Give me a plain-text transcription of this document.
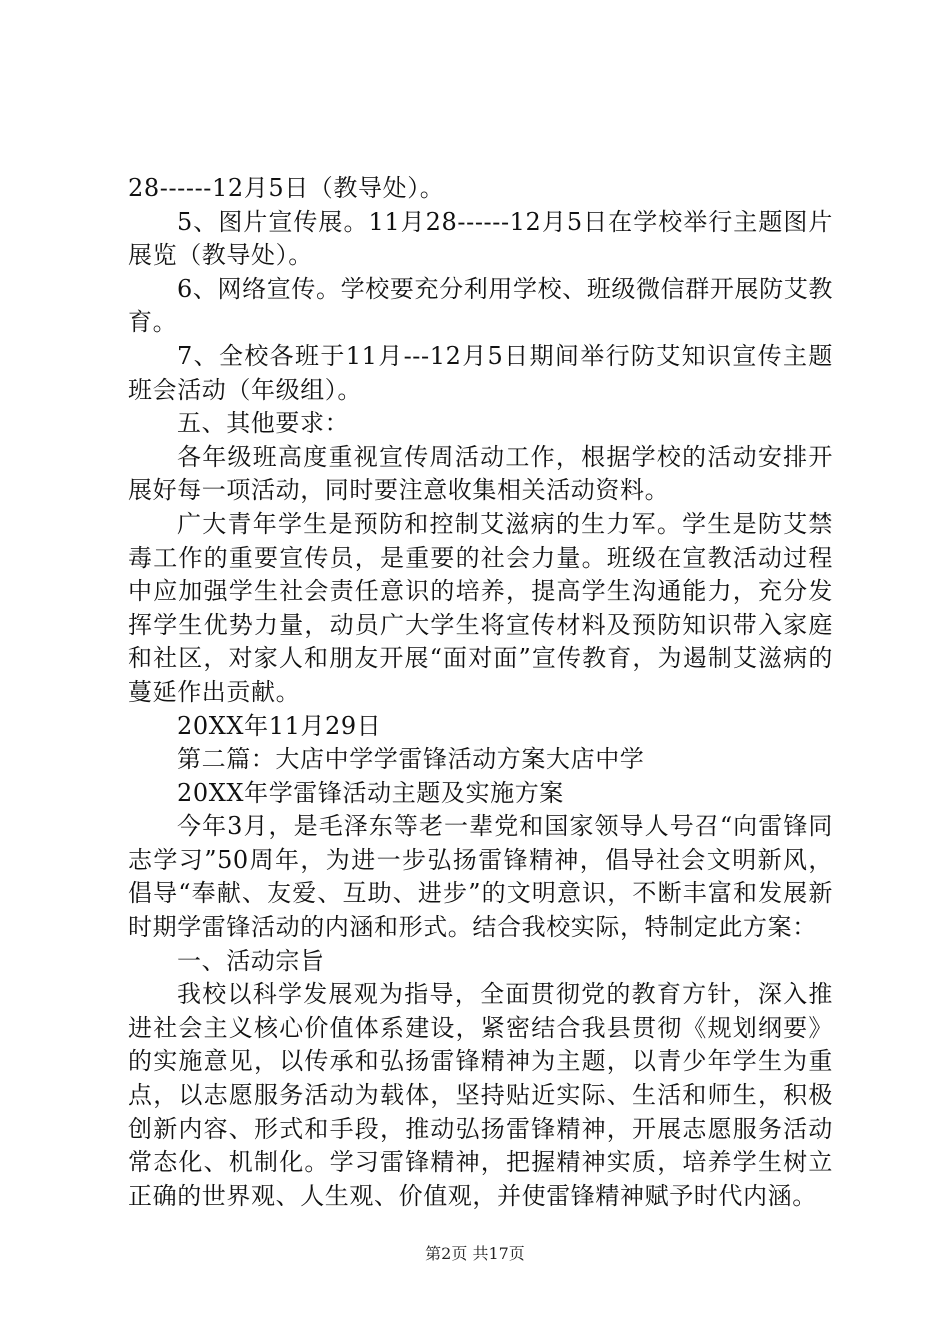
28------12月5日（教导处）。

5、图片宣传展。11月28------12月5日在学校举行主题图片展览（教导处）。

6、网络宣传。学校要充分利用学校、班级微信群开展防艾教育。

7、全校各班于11月---12月5日期间举行防艾知识宣传主题班会活动（年级组）。

五、其他要求：

各年级班高度重视宣传周活动工作，根据学校的活动安排开展好每一项活动，同时要注意收集相关活动资料。

广大青年学生是预防和控制艾滋病的生力军。学生是防艾禁毒工作的重要宣传员，是重要的社会力量。班级在宣教活动过程中应加强学生社会责任意识的培养，提高学生沟通能力，充分发挥学生优势力量，动员广大学生将宣传材料及预防知识带入家庭和社区，对家人和朋友开展“面对面”宣传教育，为遏制艾滋病的蔓延作出贡献。

20XX年11月29日

第二篇：大店中学学雷锋活动方案大店中学

20XX年学雷锋活动主题及实施方案

今年3月，是毛泽东等老一辈党和国家领导人号召“向雷锋同志学习”50周年，为进一步弘扬雷锋精神，倡导社会文明新风，倡导“奉献、友爱、互助、进步”的文明意识，不断丰富和发展新时期学雷锋活动的内涵和形式。结合我校实际，特制定此方案：

一、活动宗旨

我校以科学发展观为指导，全面贯彻党的教育方针，深入推进社会主义核心价值体系建设，紧密结合我县贯彻《规划纲要》的实施意见，以传承和弘扬雷锋精神为主题，以青少年学生为重点，以志愿服务活动为载体，坚持贴近实际、生活和师生，积极创新内容、形式和手段，推动弘扬雷锋精神，开展志愿服务活动常态化、机制化。学习雷锋精神，把握精神实质，培养学生树立正确的世界观、人生观、价值观，并使雷锋精神赋予时代内涵。

第2页 共17页
